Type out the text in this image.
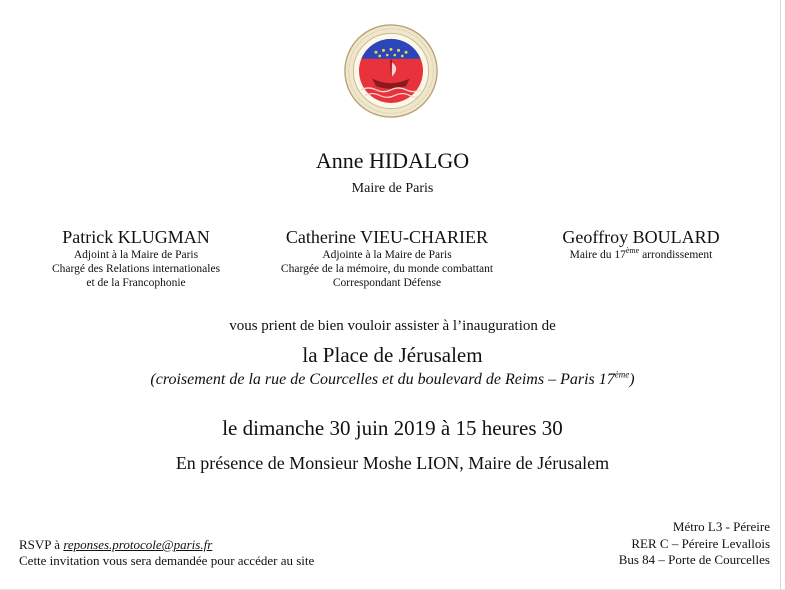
Anne HIDALGO
Maire de Paris
Patrick KLUGMAN
Adjoint à la Maire de Paris
Chargé des Relations internationales
et de la Francophonie
Catherine VIEU-CHARIER
Adjointe à la Maire de Paris
Chargée de la mémoire, du monde combattant
Correspondant Défense
Geoffroy BOULARD
Maire du 17ème arrondissement
vous prient de bien vouloir assister à l’inauguration de
la Place de Jérusalem
(croisement de la rue de Courcelles et du boulevard de Reims – Paris 17ème)
le dimanche 30 juin 2019 à 15 heures 30
En présence de Monsieur Moshe LION, Maire de Jérusalem
RSVP à reponses.protocole@paris.fr
Cette invitation vous sera demandée pour accéder au site
Métro L3 - Péreire
RER C – Péreire Levallois
Bus 84 – Porte de Courcelles
